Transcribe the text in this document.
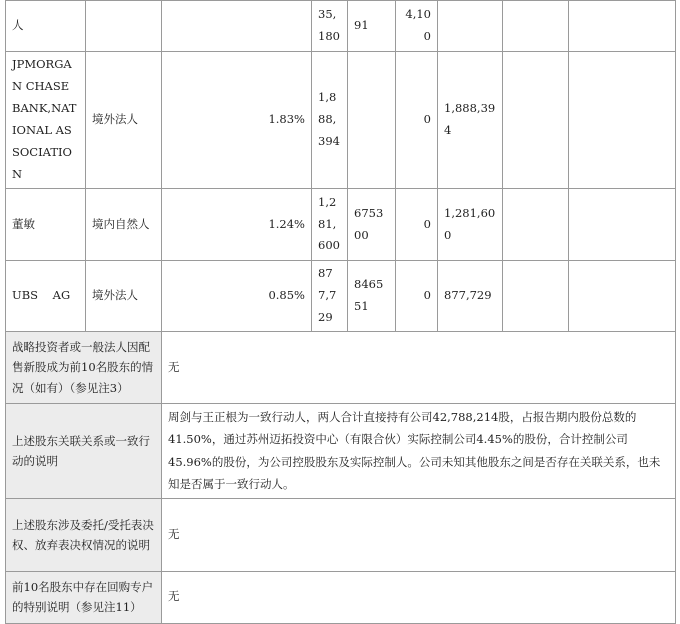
人			35,180	91	4,100			
JPMORGAN CHASE BANK,NATIONAL ASSOCIATION	境外法人	1.83%	1,888,394		0	1,888,394		
董敏	境内自然人	1.24%	1,281,600	675300	0	1,281,600		
UBS    AG	境外法人	0.85%	877,729	846551	0	877,729		
战略投资者或一般法人因配售新股成为前10名股东的情况（如有）（参见注3）		无						
上述股东关联关系或一致行动的说明		周剑与王正根为一致行动人，两人合计直接持有公司42,788,214股，占报告期内股份总数的41.50%，通过苏州迈拓投资中心（有限合伙）实际控制公司4.45%的股份，合计控制公司45.96%的股份，为公司控股股东及实际控制人。公司未知其他股东之间是否存在关联关系，也未知是否属于一致行动人。						
上述股东涉及委托/受托表决权、放弃表决权情况的说明		无						
前10名股东中存在回购专户的特别说明（参见注11）		无						
